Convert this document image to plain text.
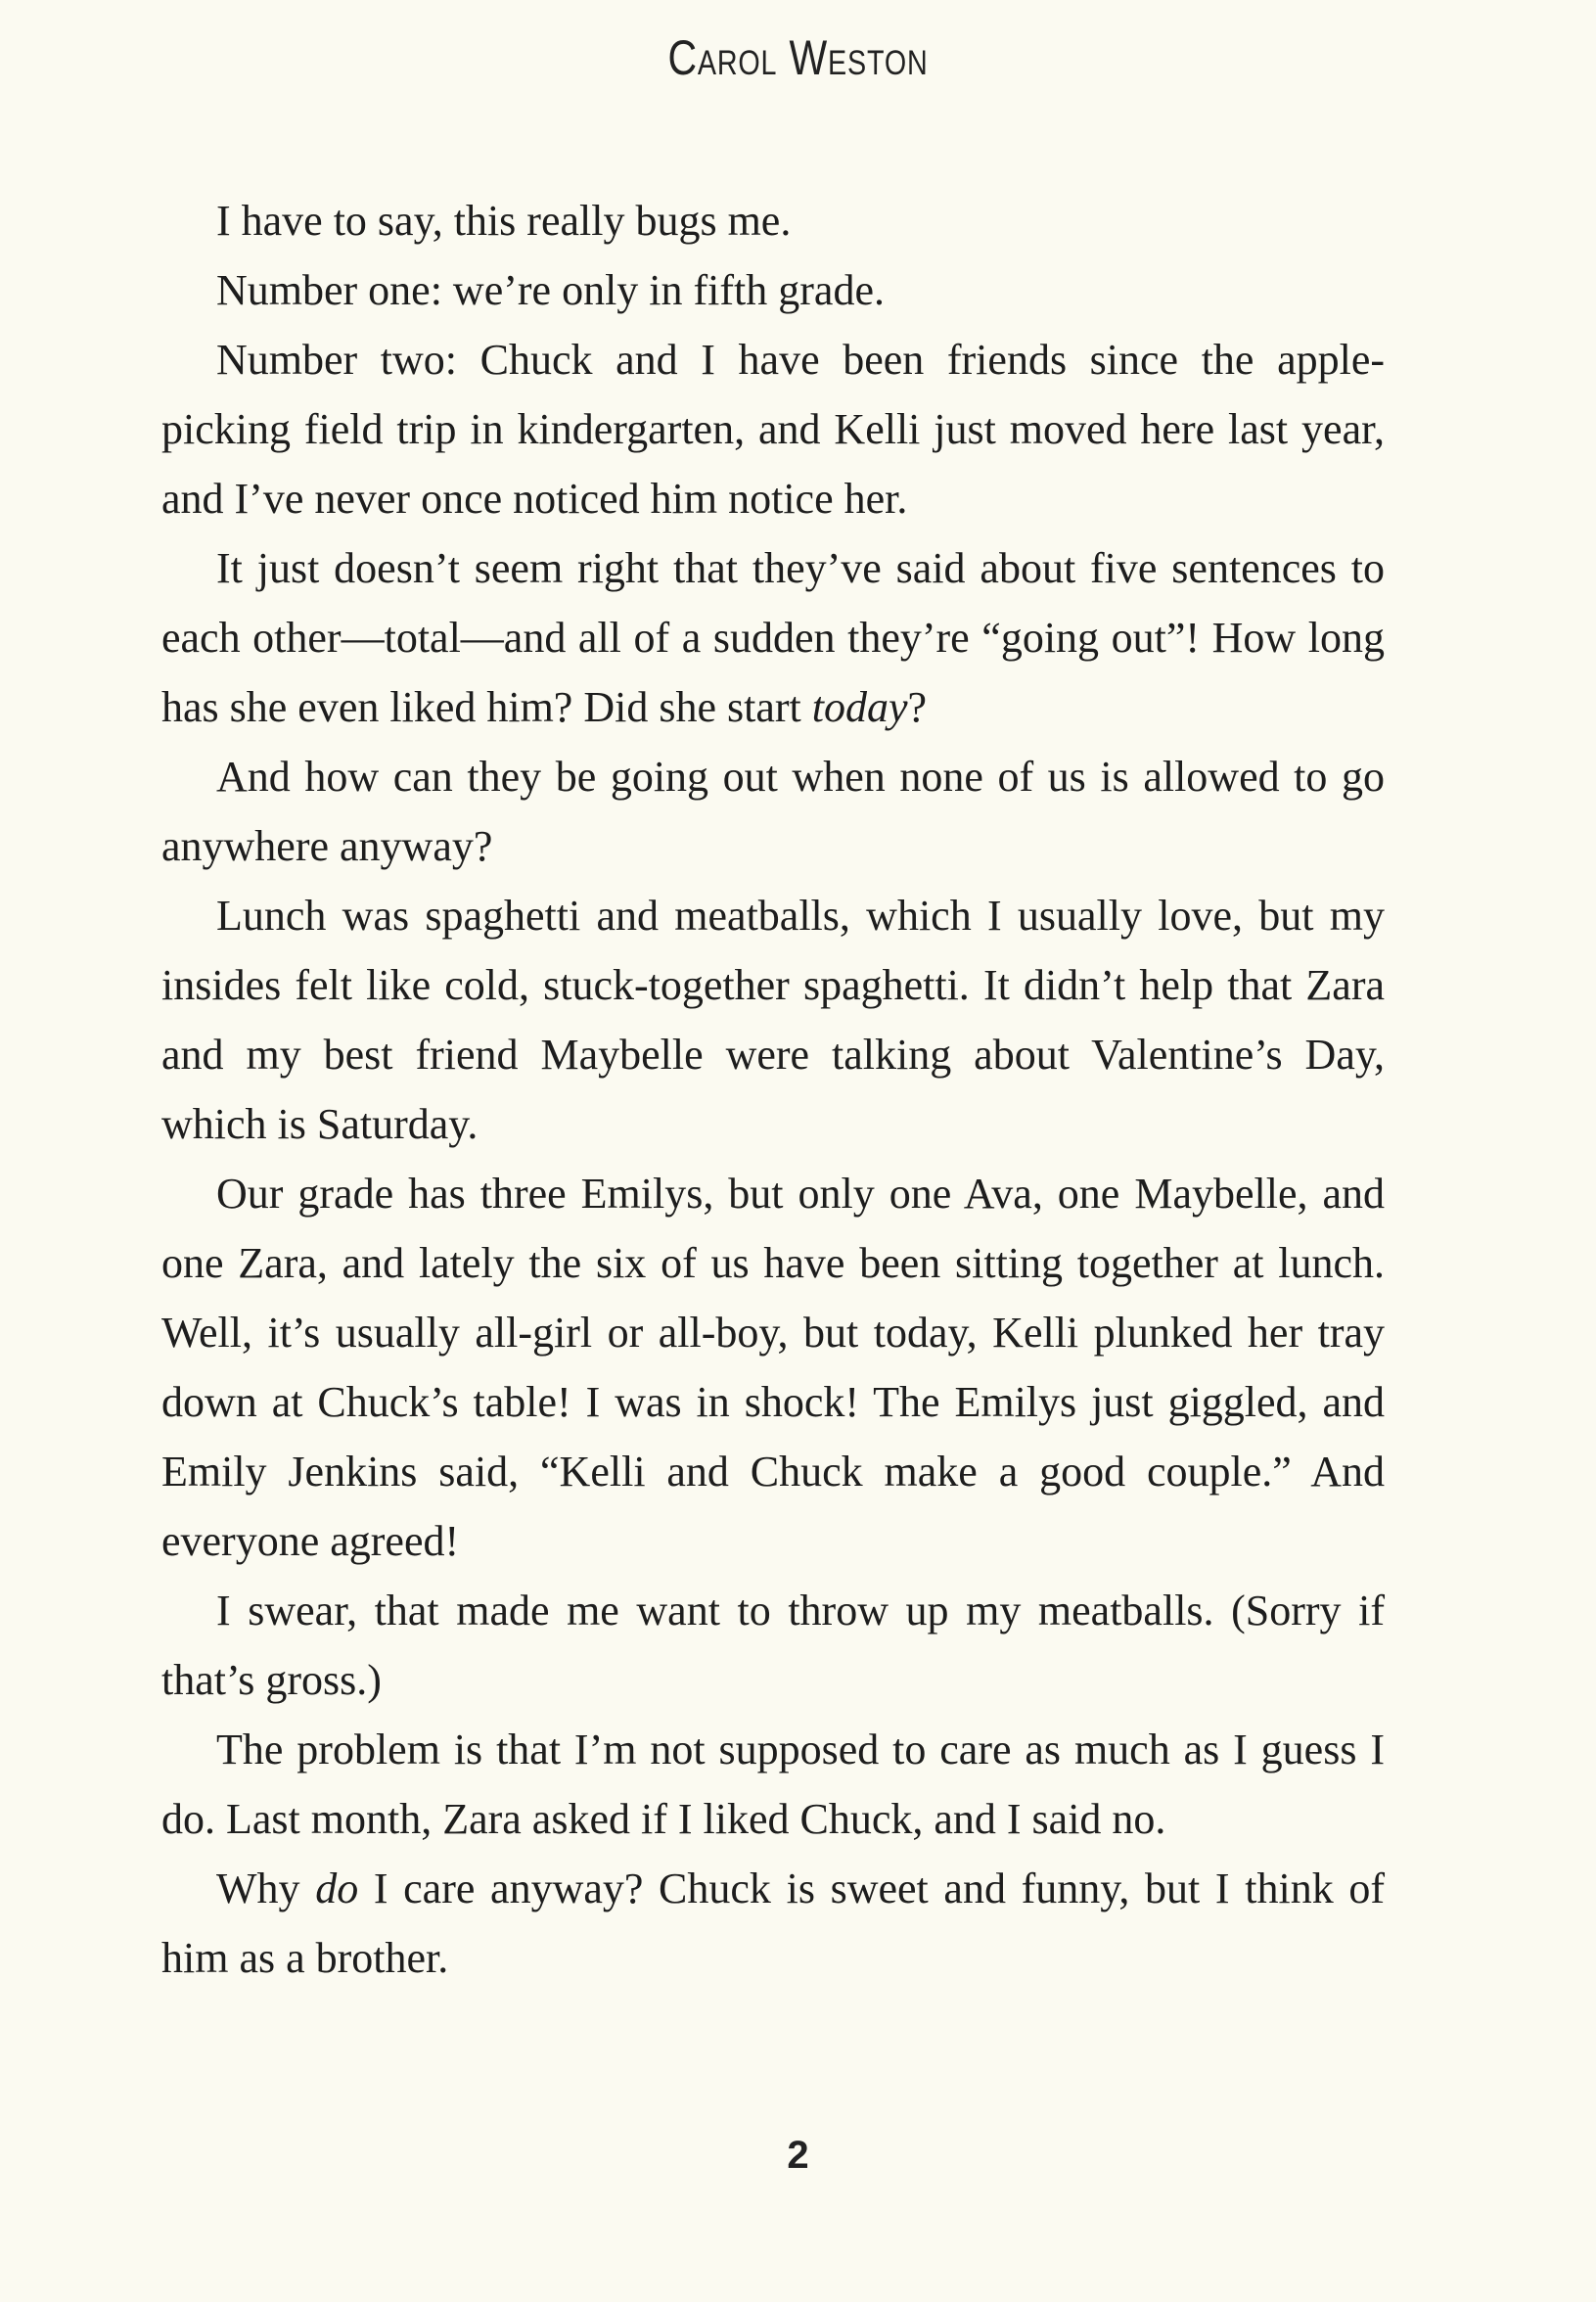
Carol Weston

I have to say, this really bugs me.

Number one: we’re only in fifth grade.

Number two: Chuck and I have been friends since the apple-picking field trip in kindergarten, and Kelli just moved here last year, and I’ve never once noticed him notice her.

It just doesn’t seem right that they’ve said about five sentences to each other—total—and all of a sudden they’re “going out”! How long has she even liked him? Did she start today?

And how can they be going out when none of us is allowed to go anywhere anyway?

Lunch was spaghetti and meatballs, which I usually love, but my insides felt like cold, stuck-together spaghetti. It didn’t help that Zara and my best friend Maybelle were talking about Valentine’s Day, which is Saturday.

Our grade has three Emilys, but only one Ava, one Maybelle, and one Zara, and lately the six of us have been sitting together at lunch. Well, it’s usually all-girl or all-boy, but today, Kelli plunked her tray down at Chuck’s table! I was in shock! The Emilys just giggled, and Emily Jenkins said, “Kelli and Chuck make a good couple.” And everyone agreed!

I swear, that made me want to throw up my meatballs. (Sorry if that’s gross.)

The problem is that I’m not supposed to care as much as I guess I do. Last month, Zara asked if I liked Chuck, and I said no.

Why do I care anyway? Chuck is sweet and funny, but I think of him as a brother.

2
